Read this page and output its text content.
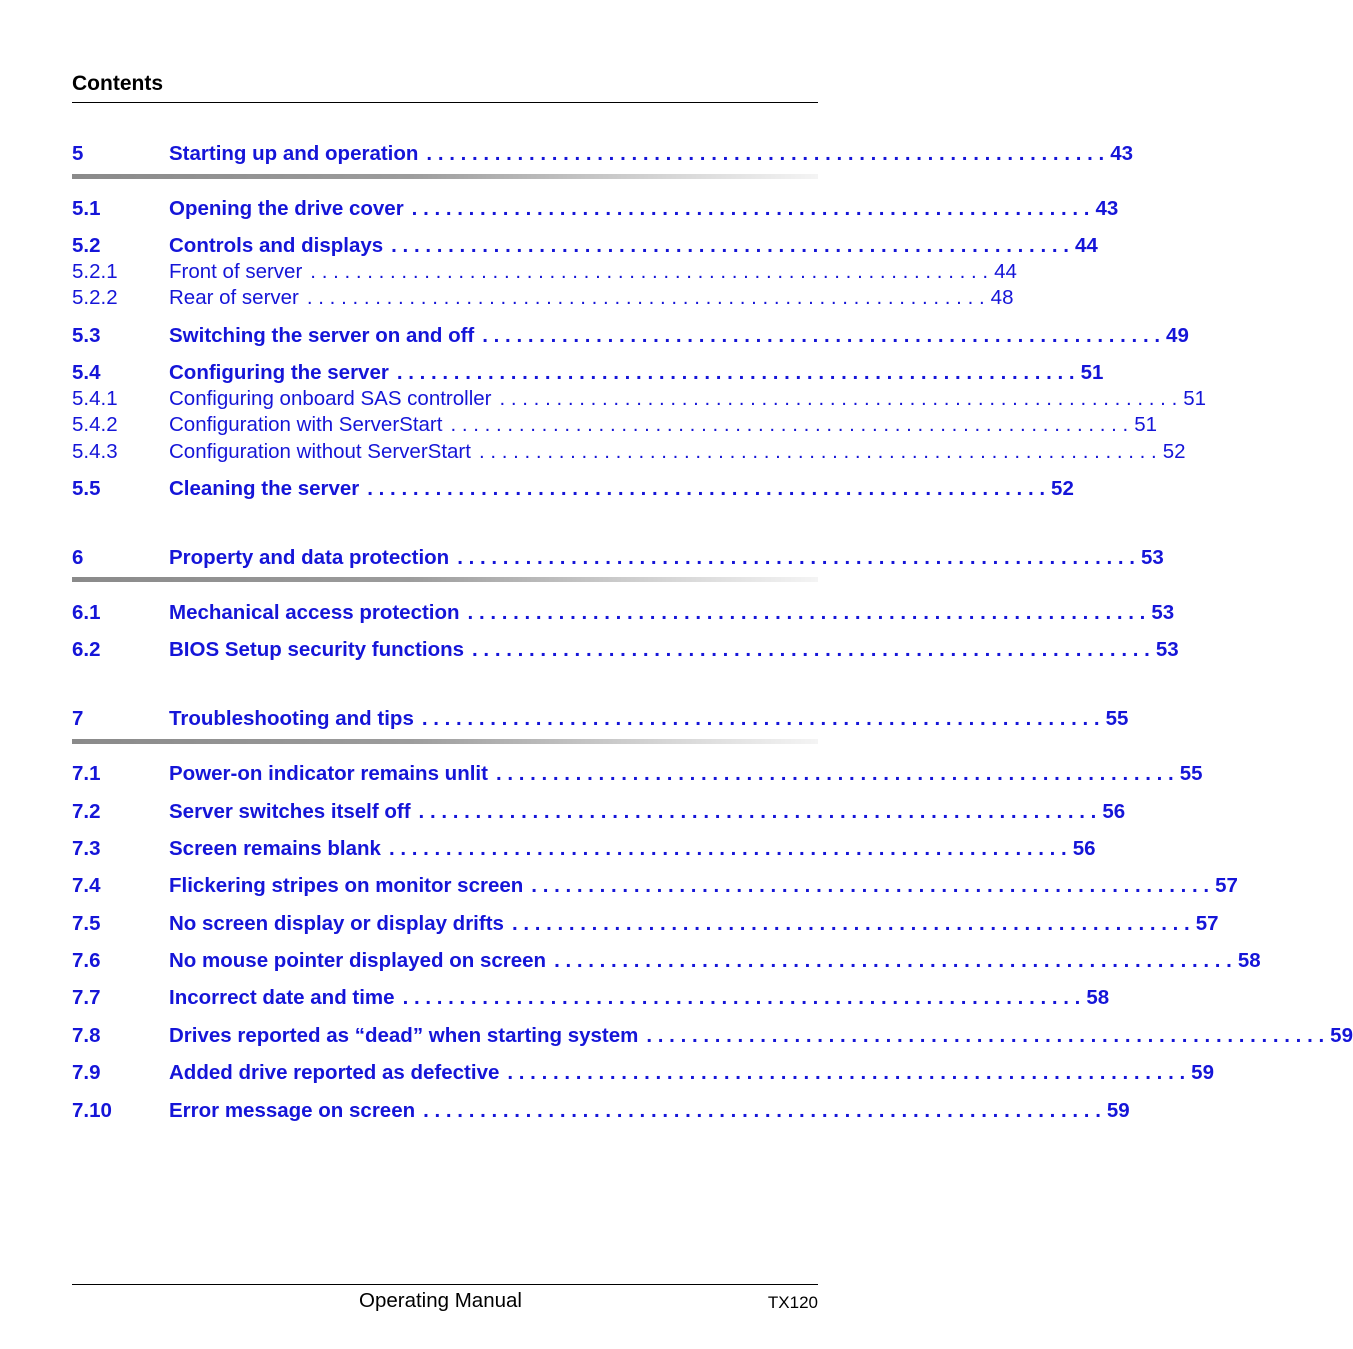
Contents
5	Starting up and operation . . . . . . . . . . . . . . . . . . . . . . . . . . . . . . . . . . . . . . . . . . . . . . . . . . . . . . . . . . . . 43
5.1	Opening the drive cover . . . . . . . . . . . . . . . . . . . . . . . . . . . . . . . . . . . . . . . . . . . . . . . . . . . . . . . . . . . . 43
5.2	Controls and displays . . . . . . . . . . . . . . . . . . . . . . . . . . . . . . . . . . . . . . . . . . . . . . . . . . . . . . . . . . . . 44
5.2.1	Front of server . . . . . . . . . . . . . . . . . . . . . . . . . . . . . . . . . . . . . . . . . . . . . . . . . . . . . . . . . . . . 44
5.2.2	Rear of server . . . . . . . . . . . . . . . . . . . . . . . . . . . . . . . . . . . . . . . . . . . . . . . . . . . . . . . . . . . . 48
5.3	Switching the server on and off . . . . . . . . . . . . . . . . . . . . . . . . . . . . . . . . . . . . . . . . . . . . . . . . . . . . . . . . . . . . 49
5.4	Configuring the server . . . . . . . . . . . . . . . . . . . . . . . . . . . . . . . . . . . . . . . . . . . . . . . . . . . . . . . . . . . . 51
5.4.1	Configuring onboard SAS controller . . . . . . . . . . . . . . . . . . . . . . . . . . . . . . . . . . . . . . . . . . . . . . . . . . . . . . . . . . . . 51
5.4.2	Configuration with ServerStart . . . . . . . . . . . . . . . . . . . . . . . . . . . . . . . . . . . . . . . . . . . . . . . . . . . . . . . . . . . . 51
5.4.3	Configuration without ServerStart . . . . . . . . . . . . . . . . . . . . . . . . . . . . . . . . . . . . . . . . . . . . . . . . . . . . . . . . . . . . 52
5.5	Cleaning the server . . . . . . . . . . . . . . . . . . . . . . . . . . . . . . . . . . . . . . . . . . . . . . . . . . . . . . . . . . . . 52
6	Property and data protection . . . . . . . . . . . . . . . . . . . . . . . . . . . . . . . . . . . . . . . . . . . . . . . . . . . . . . . . . . . . 53
6.1	Mechanical access protection . . . . . . . . . . . . . . . . . . . . . . . . . . . . . . . . . . . . . . . . . . . . . . . . . . . . . . . . . . . . 53
6.2	BIOS Setup security functions . . . . . . . . . . . . . . . . . . . . . . . . . . . . . . . . . . . . . . . . . . . . . . . . . . . . . . . . . . . . 53
7	Troubleshooting and tips . . . . . . . . . . . . . . . . . . . . . . . . . . . . . . . . . . . . . . . . . . . . . . . . . . . . . . . . . . . . 55
7.1	Power-on indicator remains unlit . . . . . . . . . . . . . . . . . . . . . . . . . . . . . . . . . . . . . . . . . . . . . . . . . . . . . . . . . . . . 55
7.2	Server switches itself off . . . . . . . . . . . . . . . . . . . . . . . . . . . . . . . . . . . . . . . . . . . . . . . . . . . . . . . . . . . . 56
7.3	Screen remains blank . . . . . . . . . . . . . . . . . . . . . . . . . . . . . . . . . . . . . . . . . . . . . . . . . . . . . . . . . . . . 56
7.4	Flickering stripes on monitor screen . . . . . . . . . . . . . . . . . . . . . . . . . . . . . . . . . . . . . . . . . . . . . . . . . . . . . . . . . . . . 57
7.5	No screen display or display drifts . . . . . . . . . . . . . . . . . . . . . . . . . . . . . . . . . . . . . . . . . . . . . . . . . . . . . . . . . . . . 57
7.6	No mouse pointer displayed on screen . . . . . . . . . . . . . . . . . . . . . . . . . . . . . . . . . . . . . . . . . . . . . . . . . . . . . . . . . . . . 58
7.7	Incorrect date and time . . . . . . . . . . . . . . . . . . . . . . . . . . . . . . . . . . . . . . . . . . . . . . . . . . . . . . . . . . . . 58
7.8	Drives reported as “dead” when starting system . . . . . . . . . . . . . . . . . . . . . . . . . . . . . . . . . . . . . . . . . . . . . . . . . . . . . . . . . . . . 59
7.9	Added drive reported as defective . . . . . . . . . . . . . . . . . . . . . . . . . . . . . . . . . . . . . . . . . . . . . . . . . . . . . . . . . . . . 59
7.10	Error message on screen . . . . . . . . . . . . . . . . . . . . . . . . . . . . . . . . . . . . . . . . . . . . . . . . . . . . . . . . . . . . 59
Operating Manual	TX120
